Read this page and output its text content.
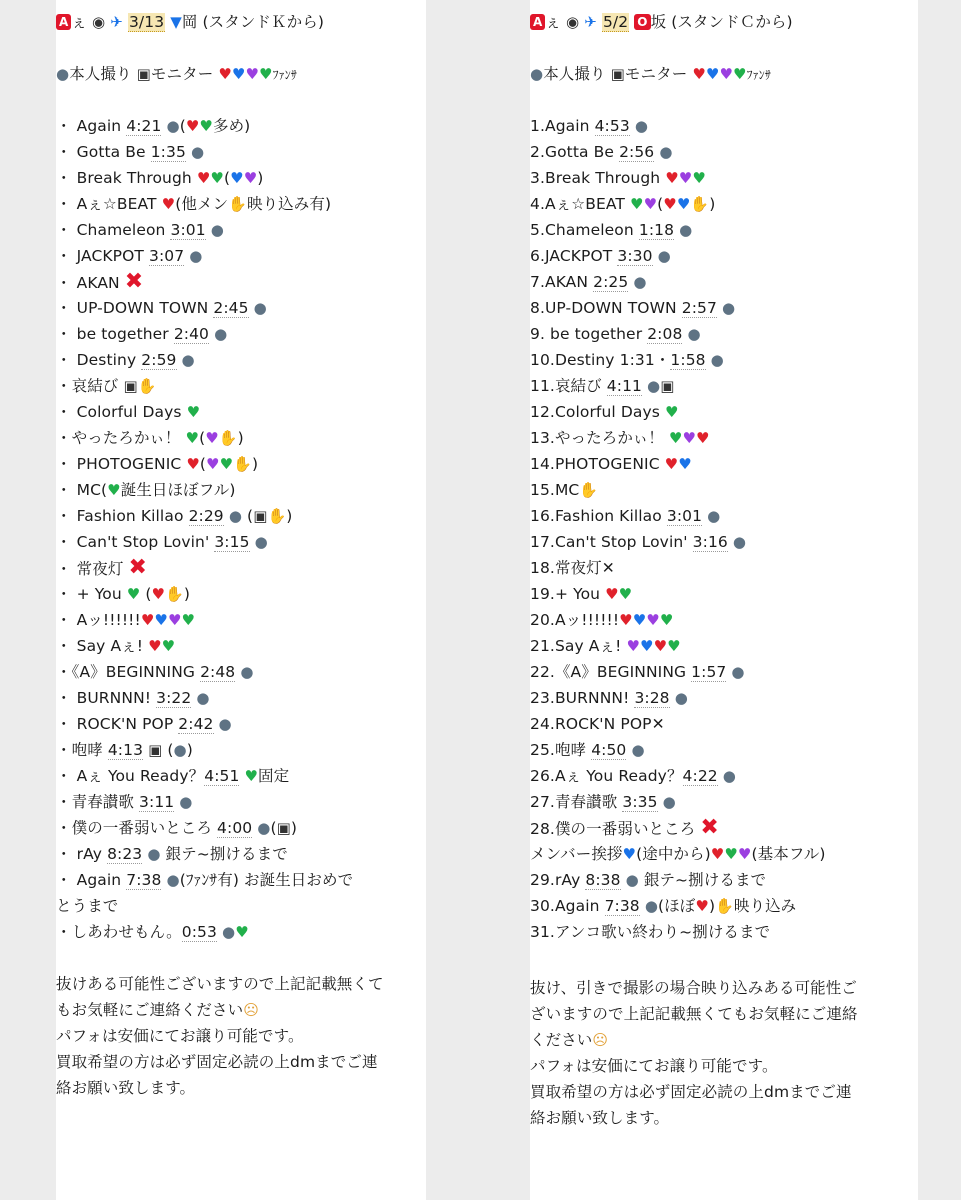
A ぇ ◉ ✈ 3/13 ▼岡 (スタンドＫから)
●本人撮り ▣モニター ♥♥♥♥ﾌｧﾝｻ
・ Again 4:21 ●(♥♥多め)
・ Gotta Be 1:35 ●
・ Break Through ♥♥(♥♥)
・ Aぇ☆BEAT ♥(他メン✋映り込み有)
・ Chameleon 3:01 ●
・ JACKPOT 3:07 ●
・ AKAN ✖
・ UP-DOWN TOWN 2:45 ●
・ be together 2:40 ●
・ Destiny 2:59 ●
・哀結び ▣✋
・ Colorful Days ♥
・やったろかぃ！ ♥(♥✋)
・ PHOTOGENIC ♥(♥♥✋)
・ MC(♥誕生日ほぼフル)
・ Fashion Killao 2:29 ● (▣✋)
・ Can't Stop Lovin' 3:15 ●
・ 常夜灯 ✖
・ + You ♥ (♥✋)
・ Aッ!!!!!!♥♥♥♥
・ Say Aぇ! ♥♥
・《A》BEGINNING 2:48 ●
・ BURNNN! 3:22 ●
・ ROCK'N POP 2:42 ●
・咆哮 4:13 ▣ (●)
・ Aぇ You Ready？4:51 ♥固定
・青春讃歌 3:11 ●
・僕の一番弱いところ 4:00 ●(▣)
・ rAy 8:23 ● 銀テ~捌けるまで
・ Again 7:38 ●(ﾌｧﾝｻ有) お誕生日おめで
とうまで
・しあわせもん。0:53 ●♥
抜けある可能性ございますので上記記載無くて
もお気軽にご連絡ください☹
パフォは安価にてお譲り可能です。
買取希望の方は必ず固定必読の上dmまでご連
絡お願い致します。
A ぇ ◉ ✈ 5/2 O 坂 (スタンドＣから)
●本人撮り ▣モニター ♥♥♥♥ﾌｧﾝｻ
1.Again 4:53 ●
2.Gotta Be 2:56 ●
3.Break Through ♥♥♥
4.Aぇ☆BEAT ♥♥(♥♥✋)
5.Chameleon 1:18 ●
6.JACKPOT 3:30 ●
7.AKAN 2:25 ●
8.UP-DOWN TOWN 2:57 ●
9. be together 2:08 ●
10.Destiny 1:31・1:58 ●
11.哀結び 4:11 ●▣
12.Colorful Days ♥
13.やったろかぃ！ ♥♥♥
14.PHOTOGENIC ♥♥
15.MC✋
16.Fashion Killao 3:01 ●
17.Can't Stop Lovin' 3:16 ●
18.常夜灯✕
19.+ You ♥♥
20.Aッ!!!!!!♥♥♥♥
21.Say Aぇ! ♥♥♥♥
22.《A》BEGINNING 1:57 ●
23.BURNNN! 3:28 ●
24.ROCK'N POP✕
25.咆哮 4:50 ●
26.Aぇ You Ready？4:22 ●
27.青春讃歌 3:35 ●
28.僕の一番弱いところ ✖
メンバー挨拶♥(途中から)♥♥♥(基本フル)
29.rAy 8:38 ● 銀テ~捌けるまで
30.Again 7:38 ●(ほぼ♥)✋映り込み
31.アンコ歌い終わり~捌けるまで
抜け、引きで撮影の場合映り込みある可能性ご
ざいますので上記記載無くてもお気軽にご連絡
ください☹
パフォは安価にてお譲り可能です。
買取希望の方は必ず固定必読の上dmまでご連
絡お願い致します。
